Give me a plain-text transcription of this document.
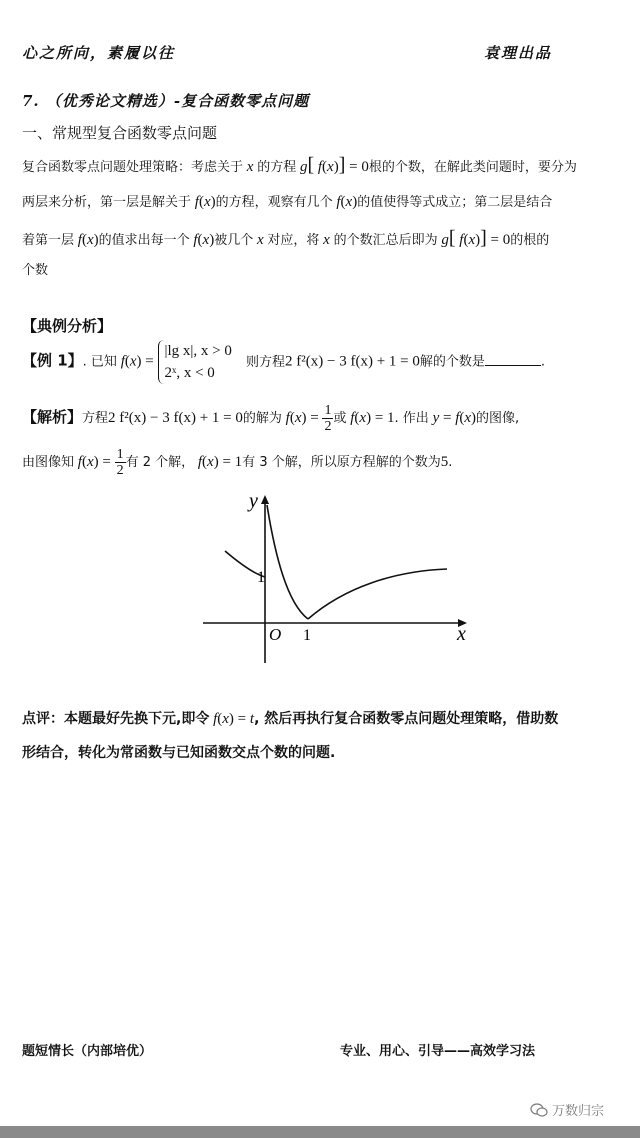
心之所向，素履以往	袁理出品
7. （优秀论文精选）-复合函数零点问题
一、常规型复合函数零点问题
复合函数零点问题处理策略：考虑关于 x 的方程 g[ f(x)] = 0根的个数，在解此类问题时，要分为
两层来分析，第一层是解关于 f(x)的方程，观察有几个 f(x)的值使得等式成立；第二层是结合
着第一层 f(x)的值求出每一个 f(x)被几个 x 对应，将 x 的个数汇总后即为 g[ f(x)] = 0的根的
个数
【典例分析】
【例 1】. 已知 f(x) =
|lg x|, x > 0
2ˣ, x < 0
则方程2 f²(x) − 3 f(x) + 1 = 0解的个数是	.
【解析】方程2 f²(x) − 3 f(x) + 1 = 0的解为 $f(x) = \frac{1}{2}$ 或 f(x) = 1. 作出 y = f(x)的图像,
由图像知 $f(x) = \frac{1}{2}$ 有 2 个解， f(x) = 1有 3 个解，所以原方程解的个数为5.
y
x
O
1
1
点评：本题最好先换下元,即令 f(x) = t, 然后再执行复合函数零点问题处理策略，借助数
形结合，转化为常函数与已知函数交点个数的问题.
题短情长（内部培优）	专业、用心、引导——高效学习法
万数归宗
